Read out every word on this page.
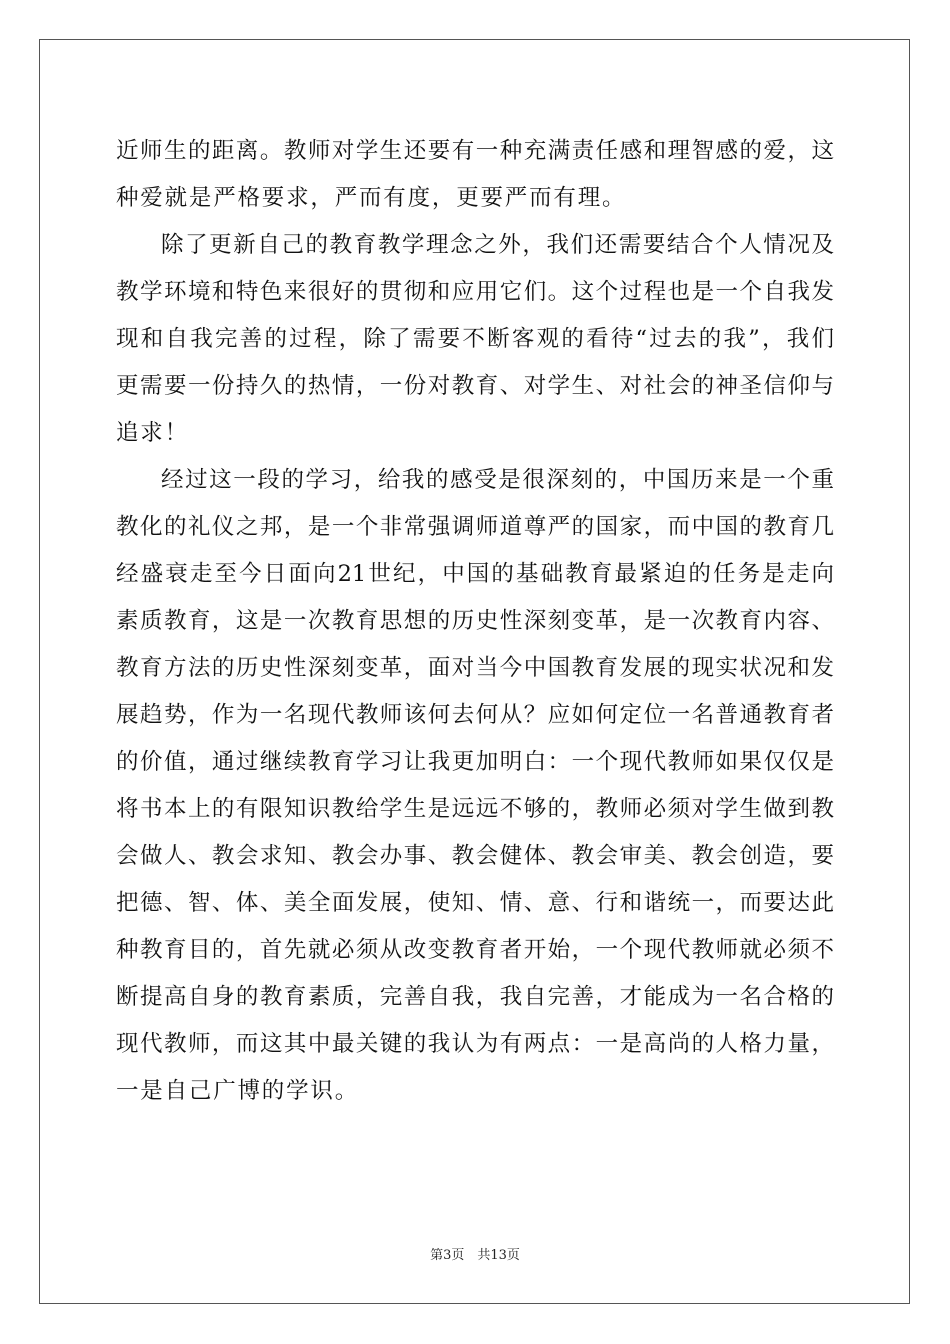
近师生的距离。教师对学生还要有一种充满责任感和理智感的爱，这
种爱就是严格要求，严而有度，更要严而有理。
除了更新自己的教育教学理念之外，我们还需要结合个人情况及
教学环境和特色来很好的贯彻和应用它们。这个过程也是一个自我发
现和自我完善的过程，除了需要不断客观的看待“过去的我”，我们
更需要一份持久的热情，一份对教育、对学生、对社会的神圣信仰与
追求！
经过这一段的学习，给我的感受是很深刻的，中国历来是一个重
教化的礼仪之邦，是一个非常强调师道尊严的国家，而中国的教育几
经盛衰走至今日面向21世纪，中国的基础教育最紧迫的任务是走向
素质教育，这是一次教育思想的历史性深刻变革，是一次教育内容、
教育方法的历史性深刻变革，面对当今中国教育发展的现实状况和发
展趋势，作为一名现代教师该何去何从？应如何定位一名普通教育者
的价值，通过继续教育学习让我更加明白：一个现代教师如果仅仅是
将书本上的有限知识教给学生是远远不够的，教师必须对学生做到教
会做人、教会求知、教会办事、教会健体、教会审美、教会创造，要
把德、智、体、美全面发展，使知、情、意、行和谐统一，而要达此
种教育目的，首先就必须从改变教育者开始，一个现代教师就必须不
断提高自身的教育素质，完善自我，我自完善，才能成为一名合格的
现代教师，而这其中最关键的我认为有两点：一是高尚的人格力量，
一是自己广博的学识。
第3页　共13页
